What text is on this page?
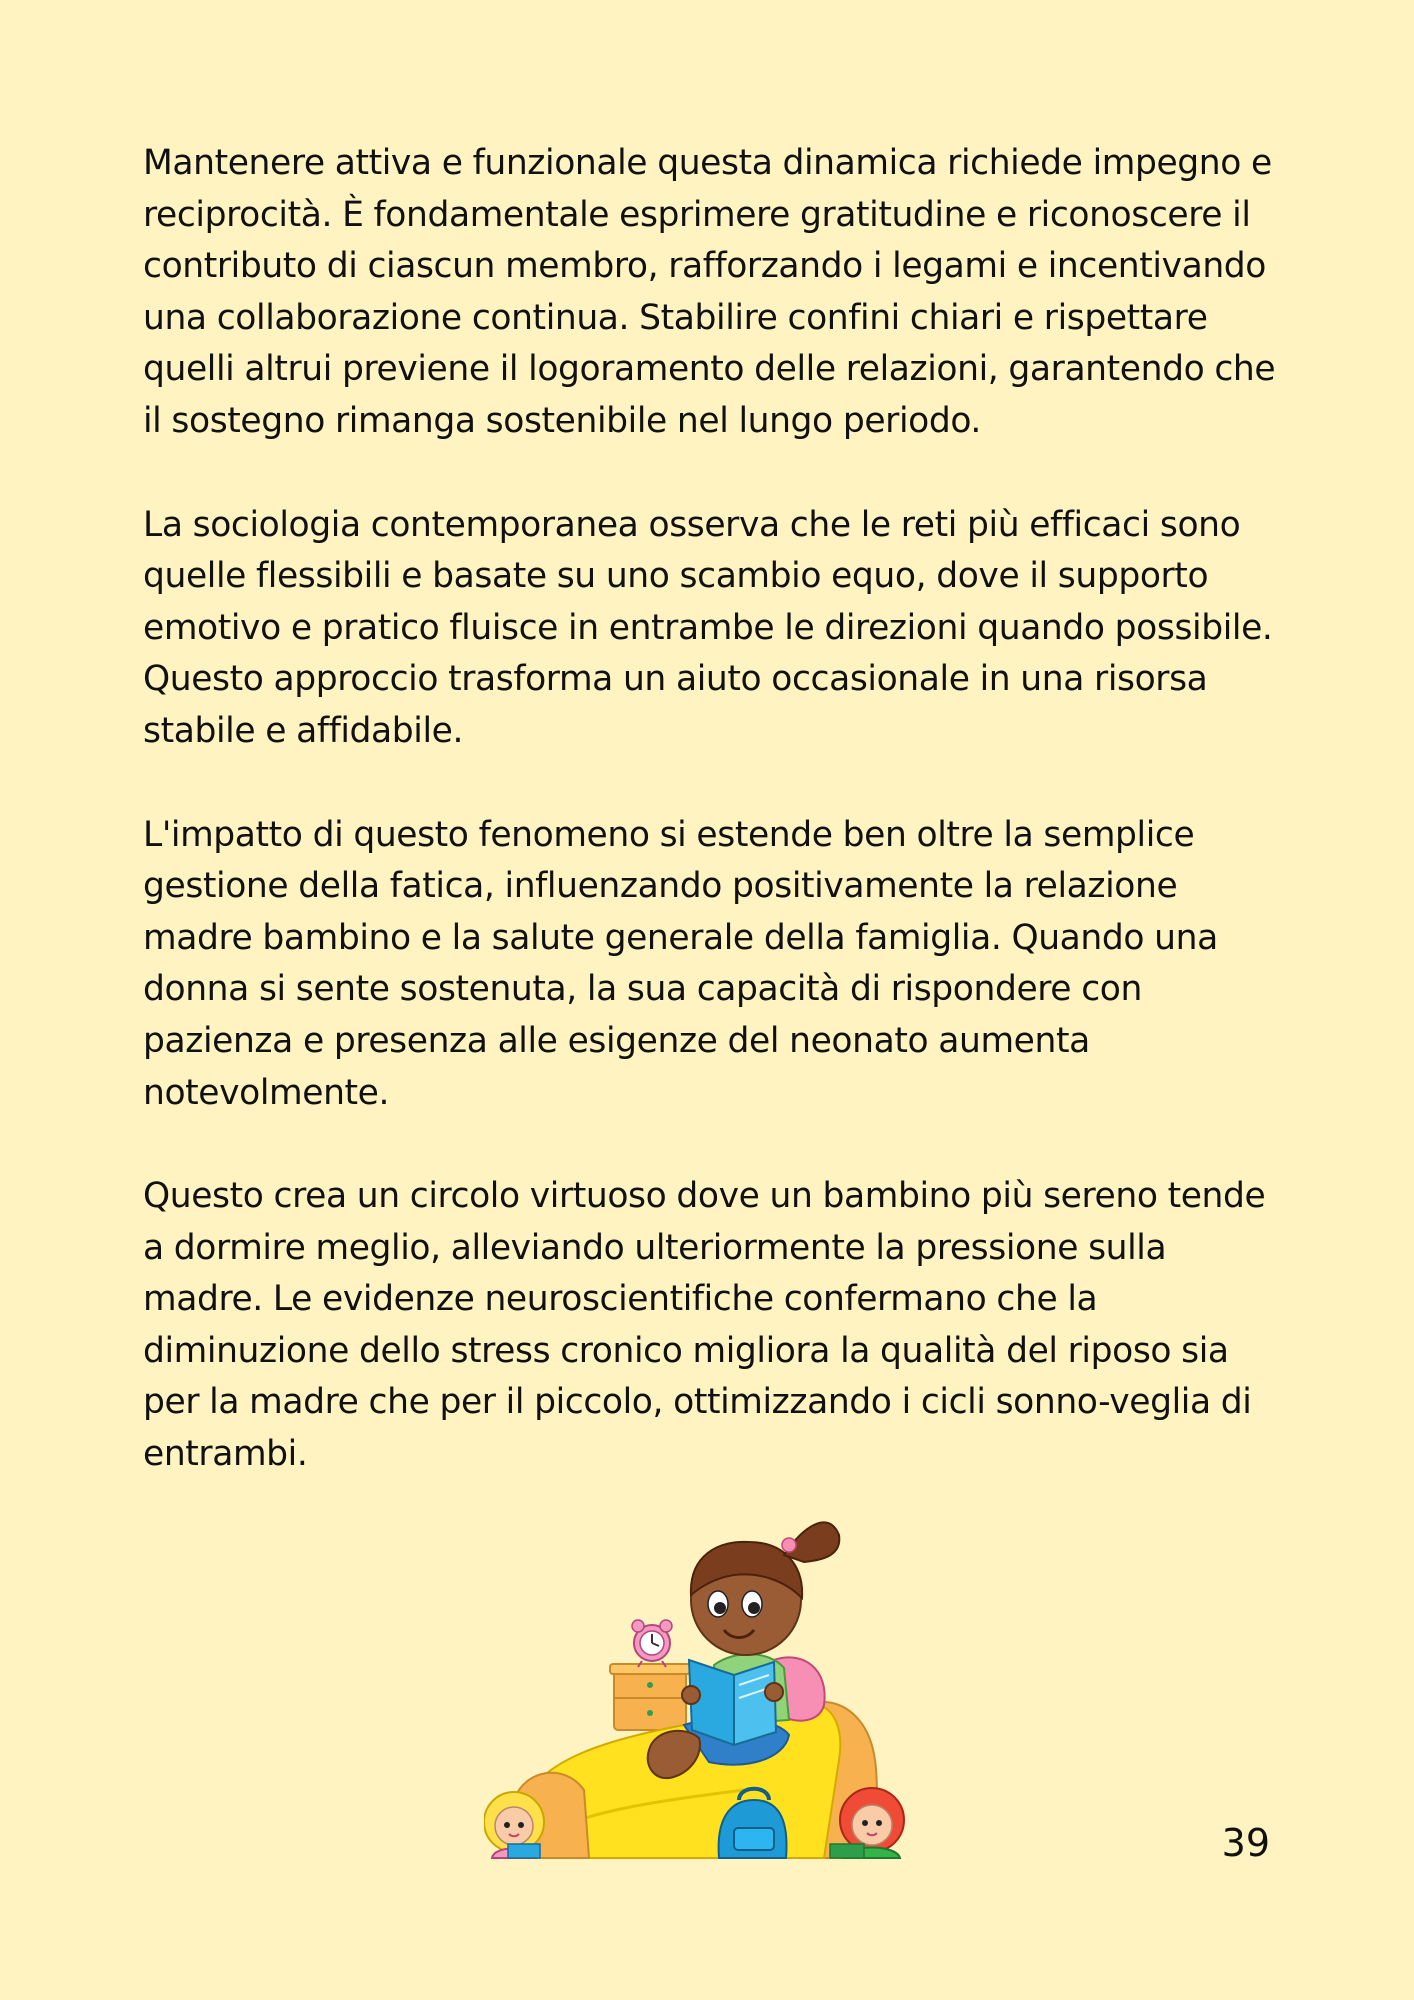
Mantenere attiva e funzionale questa dinamica richiede impegno e reciprocità. È fondamentale esprimere gratitudine e riconoscere il contributo di ciascun membro, rafforzando i legami e incentivando una collaborazione continua. Stabilire confini chiari e rispettare quelli altrui previene il logoramento delle relazioni, garantendo che il sostegno rimanga sostenibile nel lungo periodo.

La sociologia contemporanea osserva che le reti più efficaci sono quelle flessibili e basate su uno scambio equo, dove il supporto emotivo e pratico fluisce in entrambe le direzioni quando possibile. Questo approccio trasforma un aiuto occasionale in una risorsa stabile e affidabile.

L'impatto di questo fenomeno si estende ben oltre la semplice gestione della fatica, influenzando positivamente la relazione madre bambino e la salute generale della famiglia. Quando una donna si sente sostenuta, la sua capacità di rispondere con pazienza e presenza alle esigenze del neonato aumenta notevolmente.

Questo crea un circolo virtuoso dove un bambino più sereno tende a dormire meglio, alleviando ulteriormente la pressione sulla madre. Le evidenze neuroscientifiche confermano che la diminuzione dello stress cronico migliora la qualità del riposo sia per la madre che per il piccolo, ottimizzando i cicli sonno-veglia di entrambi.

39
